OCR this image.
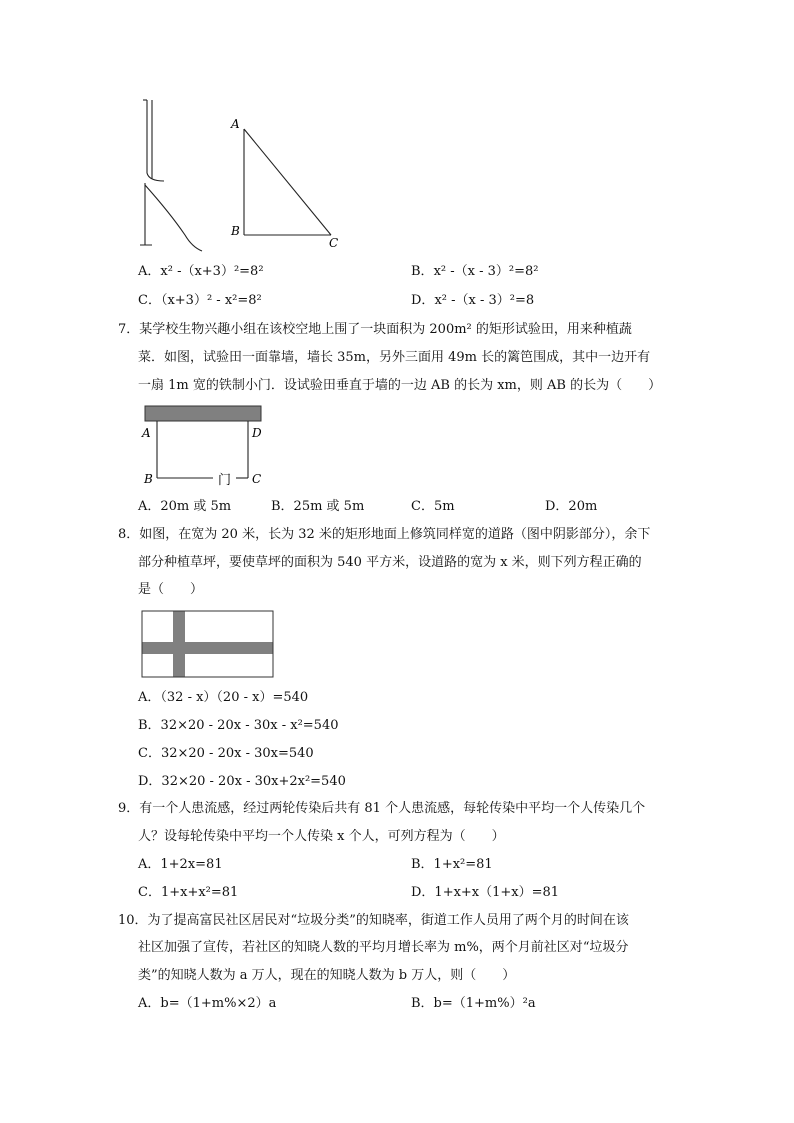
A
B
C
A．x² -（x+3）²=8²	B．x² -（x - 3）²=8²
C．（x+3）² - x²=8²	D．x² -（x - 3）²=8
7．某学校生物兴趣小组在该校空地上围了一块面积为 200m² 的矩形试验田，用来种植蔬
菜．如图，试验田一面靠墙，墙长 35m，另外三面用 49m 长的篱笆围成，其中一边开有
一扇 1m 宽的铁制小门．设试验田垂直于墙的一边 AB 的长为 xm，则 AB 的长为（　　）
A	D
B	C
门
A．20m 或 5m	B．25m 或 5m	C．5m	D．20m
8．如图，在宽为 20 米，长为 32 米的矩形地面上修筑同样宽的道路（图中阴影部分），余下
部分种植草坪，要使草坪的面积为 540 平方米，设道路的宽为 x 米，则下列方程正确的
是（　　）
A．（32 - x）（20 - x）=540
B．32×20 - 20x - 30x - x²=540
C．32×20 - 20x - 30x=540
D．32×20 - 20x - 30x+2x²=540
9．有一个人患流感，经过两轮传染后共有 81 个人患流感，每轮传染中平均一个人传染几个
人？设每轮传染中平均一个人传染 x 个人，可列方程为（　　）
A．1+2x=81	B．1+x²=81
C．1+x+x²=81	D．1+x+x（1+x）=81
10．为了提高富民社区居民对“垃圾分类”的知晓率，街道工作人员用了两个月的时间在该
社区加强了宣传，若社区的知晓人数的平均月增长率为 m%，两个月前社区对“垃圾分
类”的知晓人数为 a 万人，现在的知晓人数为 b 万人，则（　　）
A．b=（1+m%×2）a	B．b=（1+m%）²a
